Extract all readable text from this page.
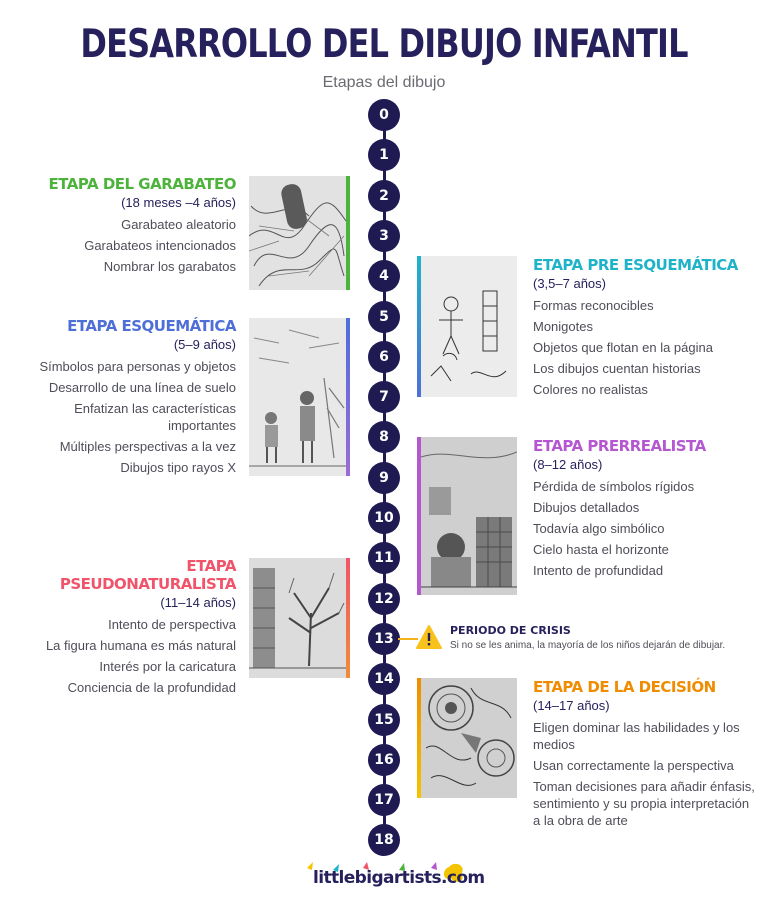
DESARROLLO DEL DIBUJO INFANTIL
Etapas del dibujo
0
1
2
3
4
5
6
7
8
9
10
11
12
13
14
15
16
17
18
ETAPA DEL GARABATEO
(18 meses –4 años)
Garabateo aleatorio
Garabateos intencionados
Nombrar los garabatos	ETAPA PRE ESQUEMÁTICA
(3,5–7 años)
Formas reconocibles
Monigotes
Objetos que flotan en la página
Los dibujos cuentan historias
Colores no realistas
ETAPA ESQUEMÁTICA
(5–9 años)
Símbolos para personas y objetos
Desarrollo de una línea de suelo
Enfatizan las características importantes
Múltiples perspectivas a la vez
Dibujos tipo rayos X
ETAPA PRERREALISTA
(8–12 años)
Pérdida de símbolos rígidos
Dibujos detallados
Todavía algo simbólico
Cielo hasta el horizonte
Intento de profundidad
ETAPA PSEUDONATURALISTA
(11–14 años)
Intento de perspectiva
La figura humana es más natural
Interés por la caricatura
Conciencia de la profundidad
PERIODO DE CRISIS
Si no se les anima, la mayoría de los niños dejarán de dibujar.
ETAPA DE LA DECISIÓN
(14–17 años)
Eligen dominar las habilidades y los medios
Usan correctamente la perspectiva
Toman decisiones para añadir énfasis, sentimiento y su propia interpretación a la obra de arte
littlebigartists.com
